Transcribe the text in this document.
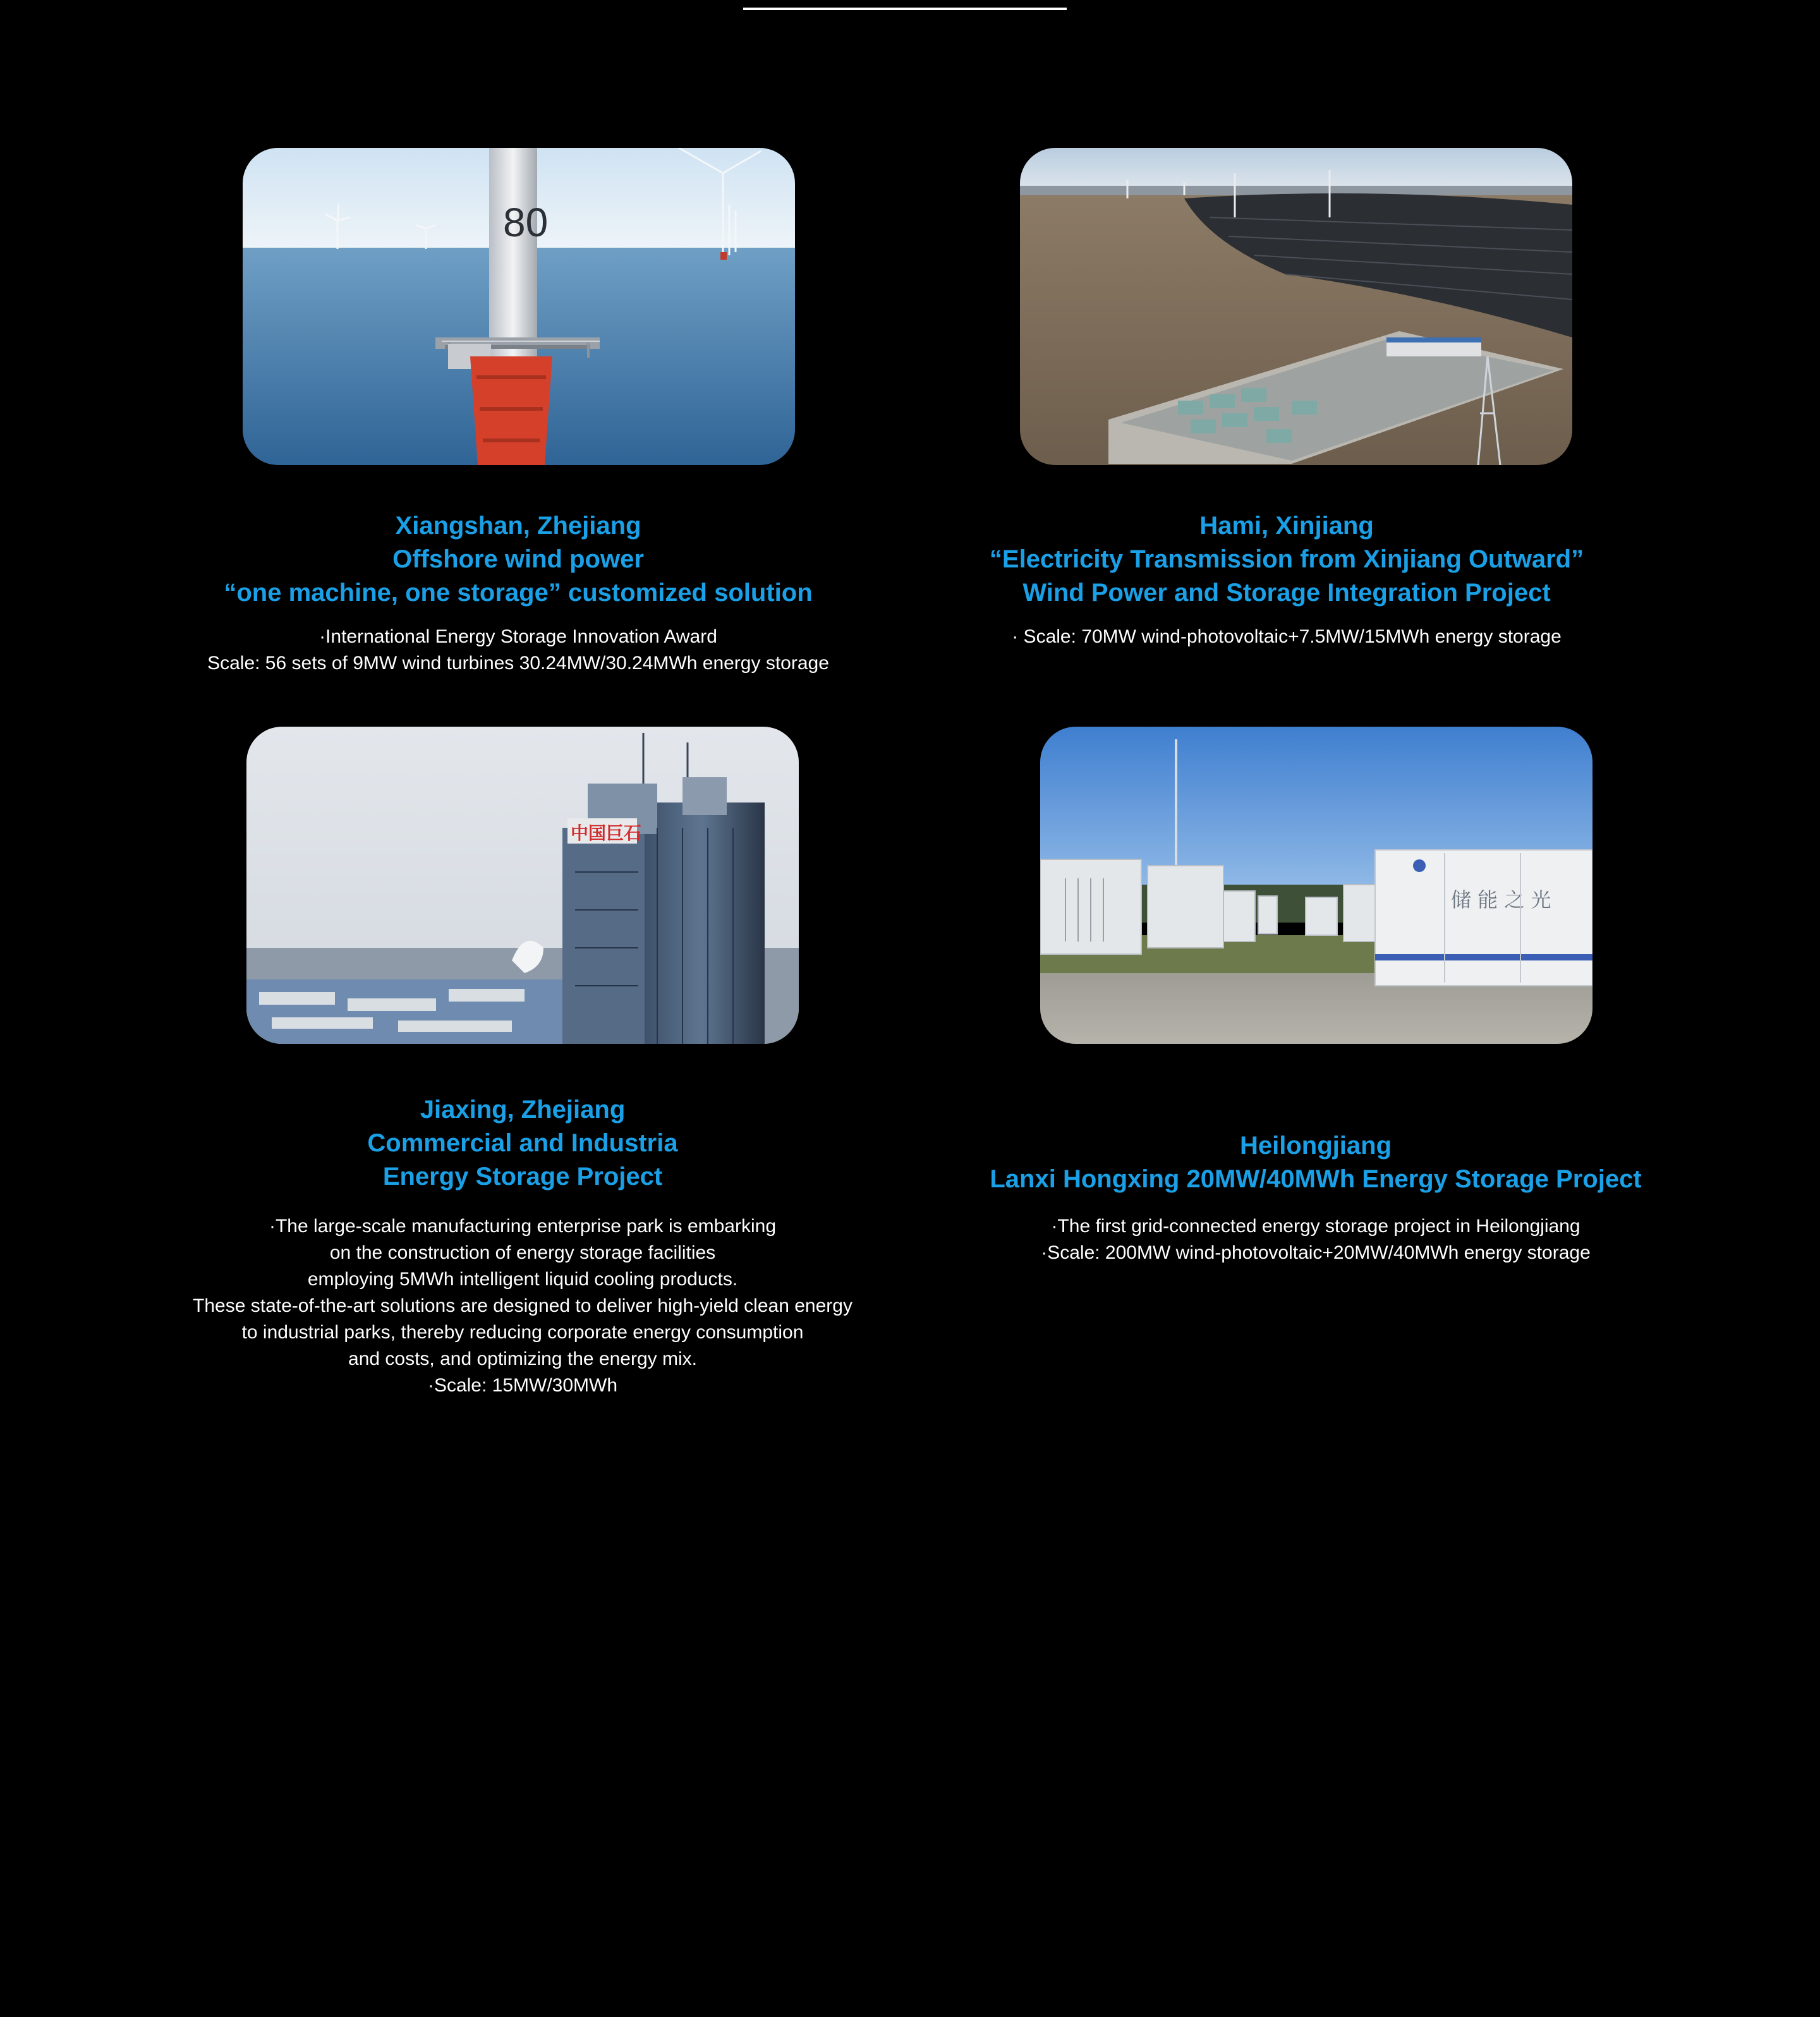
80
Xiangshan, Zhejiang
Offshore wind power
“one machine, one storage” customized solution
·International Energy Storage Innovation Award
Scale: 56 sets of 9MW wind turbines 30.24MW/30.24MWh energy storage
Hami, Xinjiang
“Electricity Transmission from Xinjiang Outward”
Wind Power and Storage Integration Project
· Scale: 70MW wind-photovoltaic+7.5MW/15MWh energy storage
中国巨石
Jiaxing, Zhejiang
Commercial and Industria
Energy Storage Project
·The large-scale manufacturing enterprise park is embarking
on the construction of energy storage facilities
employing 5MWh intelligent liquid cooling products.
These state-of-the-art solutions are designed to deliver high-yield clean energy
to industrial parks, thereby reducing corporate energy consumption
and costs, and optimizing the energy mix.
·Scale: 15MW/30MWh
储 能 之 光
Heilongjiang
Lanxi Hongxing 20MW/40MWh Energy Storage Project
·The first grid-connected energy storage project in Heilongjiang
·Scale: 200MW wind-photovoltaic+20MW/40MWh energy storage
